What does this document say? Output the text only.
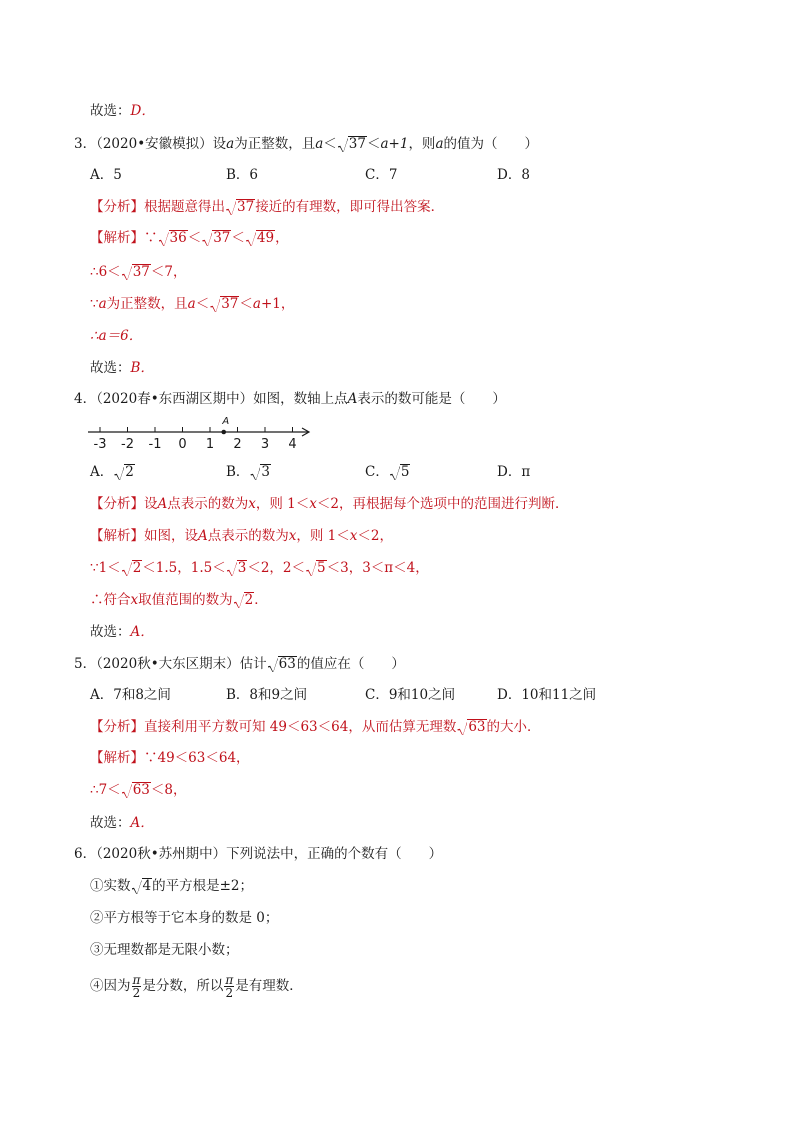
故选：D．
3．（2020•安徽模拟）设a为正整数，且a＜ 37＜a+1，则a的值为（　　）
A．5	B．6	C．7	D．8
【分析】根据题意得出 37接近的有理数，即可得出答案．
【解析】∵ 36＜ 37＜ 49，
∴6＜ 37＜7，
∵a为正整数，且a＜ 37＜a+1，
∴a＝6．
故选：B．
4．（2020春•东西湖区期中）如图，数轴上点A表示的数可能是（　　）
-3 -2 -1 0 1 2 3 4
A
A． 2	B． 3	C． 5	D．π
【分析】设A点表示的数为x，则 1＜x＜2，再根据每个选项中的范围进行判断．
【解析】如图，设A点表示的数为x，则 1＜x＜2，
∵1＜ 2＜1.5，1.5＜ 3＜2，2＜ 5＜3，3＜π＜4，
∴符合x取值范围的数为 2．
故选：A．
5．（2020秋•大东区期末）估计 63的值应在（　　）
A．7和8之间	B．8和9之间	C．9和10之间	D．10和11之间
【分析】直接利用平方数可知 49＜63＜64，从而估算无理数 63的大小．
【解析】∵49＜63＜64，
∴7＜ 63＜8，
故选：A．
6．（2020秋•苏州期中）下列说法中，正确的个数有（　　）
①实数 4的平方根是±2；
②平方根等于它本身的数是 0；
③无理数都是无限小数；
④因为 $\frac{\pi}{2}$ 是分数，所以 $\frac{\pi}{2}$ 是有理数．
